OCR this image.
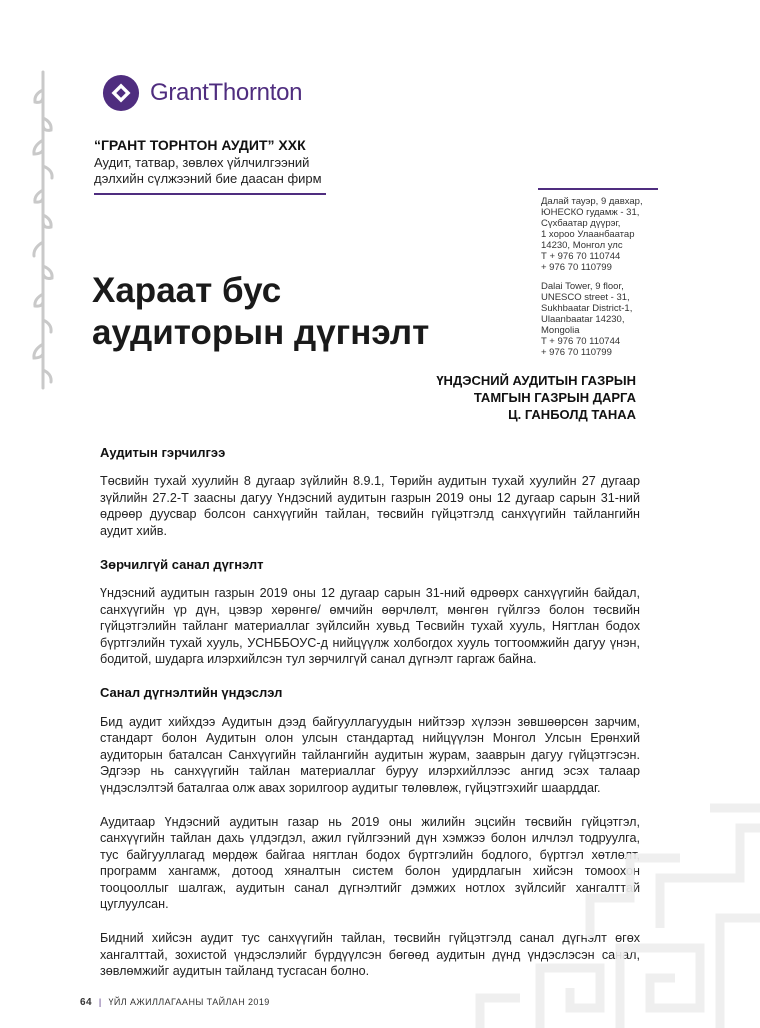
GrantThornton
“ГРАНТ ТОРНТОН АУДИТ” ХХК
Аудит, татвар, зөвлөх үйлчилгээний
дэлхийн сүлжээний бие даасан фирм
Далай тауэр, 9 давхар,
ЮНЕСКО гудамж - 31,
Сүхбаатар дүүрэг,
1 хороо Улаанбаатар
14230, Монгол улс
Т + 976 70 110744
+ 976 70 110799
Dalai Tower, 9 floor,
UNESCO street - 31,
Sukhbaatar District-1,
Ulaanbaatar 14230,
Mongolia
T + 976 70 110744
+ 976 70 110799
Хараат бус
аудиторын дүгнэлт
ҮНДЭСНИЙ АУДИТЫН ГАЗРЫН
ТАМГЫН ГАЗРЫН ДАРГА
Ц. ГАНБОЛД ТАНАА
Аудитын гэрчилгээ

Төсвийн тухай хуулийн 8 дугаар зүйлийн 8.9.1, Төрийн аудитын тухай хуулийн 27 дугаар зүйлийн 27.2-Т заасны дагуу Үндэсний аудитын газрын 2019 оны 12 дугаар сарын 31-ний өдрөөр дуусвар болсон санхүүгийн тайлан, төсвийн гүйцэтгэлд санхүүгийн тайлангийн аудит хийв.

Зөрчилгүй санал дүгнэлт

Үндэсний аудитын газрын 2019 оны 12 дугаар сарын 31-ний өдрөөрх санхүүгийн байдал, санхүүгийн үр дүн, цэвэр хөрөнгө/ өмчийн өөрчлөлт, мөнгөн гүйлгээ болон төсвийн гүйцэтгэлийн тайланг материаллаг зүйлсийн хувьд Төсвийн тухай хууль, Нягтлан бодох бүртгэлийн тухай хууль, УСНББОУС-д нийцүүлж холбогдох хууль тогтоомжийн дагуу үнэн, бодитой, шударга илэрхийлсэн тул зөрчилгүй санал дүгнэлт гаргаж байна.

Санал дүгнэлтийн үндэслэл

Бид аудит хийхдээ Аудитын дээд байгууллагуудын нийтээр хүлээн зөвшөөрсөн зарчим, стандарт болон Аудитын олон улсын стандартад нийцүүлэн Монгол Улсын Ерөнхий аудиторын баталсан Санхүүгийн тайлангийн аудитын журам, зааврын дагуу гүйцэтгэсэн. Эдгээр нь санхүүгийн тайлан материаллаг буруу илэрхийллээс ангид эсэх талаар үндэслэлтэй баталгаа олж авах зорилгоор аудитыг төлөвлөж, гүйцэтгэхийг шаарддаг.

Аудитаар Үндэсний аудитын газар нь 2019 оны жилийн эцсийн төсвийн гүйцэтгэл, санхүүгийн тайлан дахь үлдэгдэл, ажил гүйлгээний дүн хэмжээ болон илчлэл тодруулга, тус байгууллагад мөрдөж байгаа нягтлан бодох бүртгэлийн бодлого, бүртгэл хөтлөлт, программ хангамж, дотоод хяналтын систем болон удирдлагын хийсэн томоохон тооцооллыг шалгаж, аудитын санал дүгнэлтийг дэмжих нотлох зүйлсийг хангалттай цуглуулсан.

Бидний хийсэн аудит тус санхүүгийн тайлан, төсвийн гүйцэтгэлд санал дүгнэлт өгөх хангалттай, зохистой үндэслэлийг бүрдүүлсэн бөгөөд аудитын дүнд үндэслэсэн санал, зөвлөмжийг аудитын тайланд тусгасан болно.

64 | ҮЙЛ АЖИЛЛАГААНЫ ТАЙЛАН 2019
